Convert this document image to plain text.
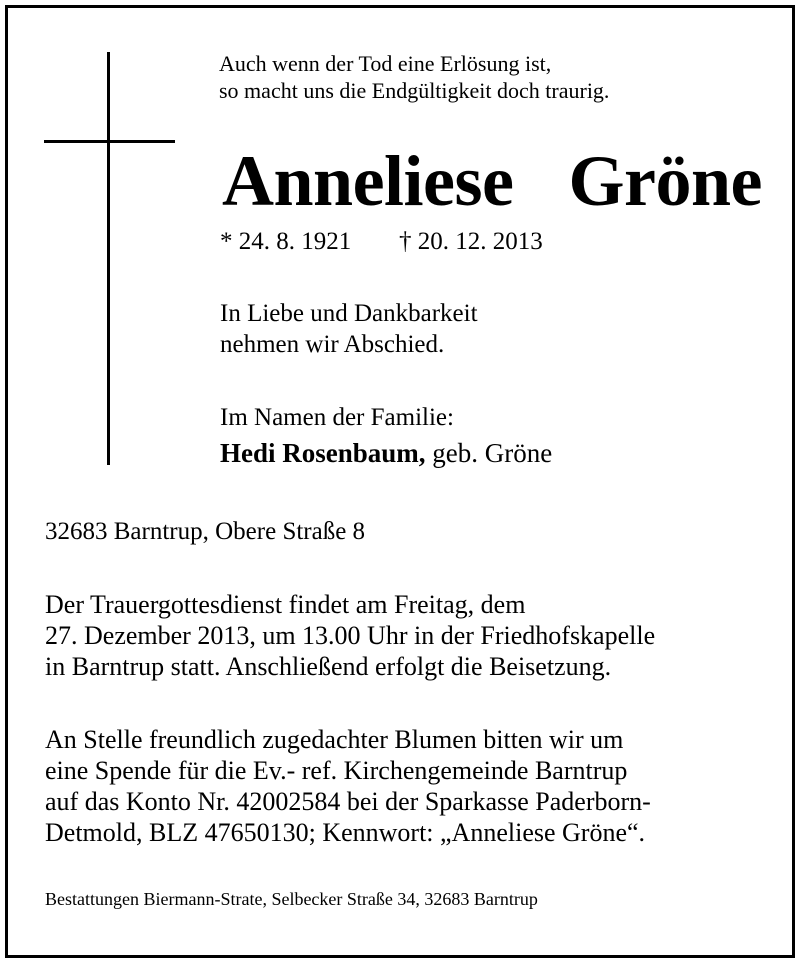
Auch wenn der Tod eine Erlösung ist,
so macht uns die Endgültigkeit doch traurig.
Anneliese  Gröne
* 24. 8. 1921 † 20. 12. 2013
In Liebe und Dankbarkeit
nehmen wir Abschied.
Im Namen der Familie:
Hedi Rosenbaum, geb. Gröne
32683 Barntrup, Obere Straße 8
Der Trauergottesdienst findet am Freitag, dem
27. Dezember 2013, um 13.00 Uhr in der Friedhofskapelle
in Barntrup statt. Anschließend erfolgt die Beisetzung.
An Stelle freundlich zugedachter Blumen bitten wir um
eine Spende für die Ev.- ref. Kirchengemeinde Barntrup
auf das Konto Nr. 42002584 bei der Sparkasse Paderborn-
Detmold, BLZ 47650130; Kennwort: „Anneliese Gröne“.
Bestattungen Biermann-Strate, Selbecker Straße 34, 32683 Barntrup
